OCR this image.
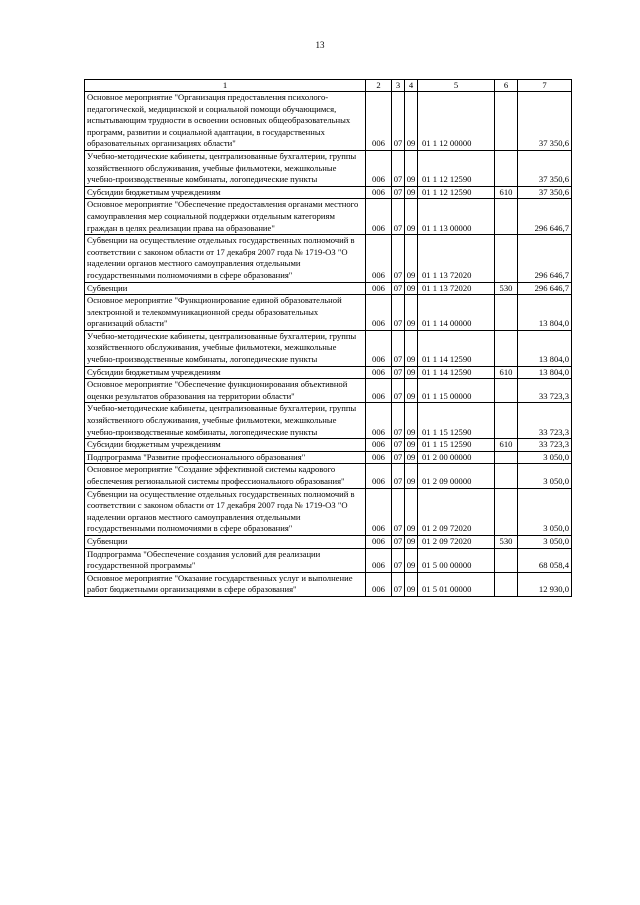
13
1	2	3	4	5	6	7
Основное мероприятие "Организация предоставления психолого-педагогической, медицинской и социальной помощи обучающимся, испытывающим трудности в освоении основных общеобразовательных программ, развитии и социальной адаптации, в государственных образовательных организациях области"	006	07	09	01 1 12 00000		37 350,6
Учебно-методические кабинеты, централизованные бухгалтерии, группы хозяйственного обслуживания, учебные фильмотеки, межшкольные учебно-производственные комбинаты, логопедические пункты	006	07	09	01 1 12 12590		37 350,6
Субсидии бюджетным учреждениям	006	07	09	01 1 12 12590	610	37 350,6
Основное мероприятие "Обеспечение предоставления органами местного самоуправления мер социальной поддержки отдельным категориям граждан в целях реализации права на образование"	006	07	09	01 1 13 00000		296 646,7
Субвенции на осуществление отдельных государственных полномочий в соответствии с законом области от 17 декабря 2007 года № 1719-ОЗ "О наделении органов местного самоуправления отдельными государственными полномочиями в сфере образования"	006	07	09	01 1 13 72020		296 646,7
Субвенции	006	07	09	01 1 13 72020	530	296 646,7
Основное мероприятие "Функционирование единой образовательной электронной и телекоммуникационной среды образовательных организаций области"	006	07	09	01 1 14 00000		13 804,0
Учебно-методические кабинеты, централизованные бухгалтерии, группы хозяйственного обслуживания, учебные фильмотеки, межшкольные учебно-производственные комбинаты, логопедические пункты	006	07	09	01 1 14 12590		13 804,0
Субсидии бюджетным учреждениям	006	07	09	01 1 14 12590	610	13 804,0
Основное мероприятие "Обеспечение функционирования объективной оценки результатов образования на территории области"	006	07	09	01 1 15 00000		33 723,3
Учебно-методические кабинеты, централизованные бухгалтерии, группы хозяйственного обслуживания, учебные фильмотеки, межшкольные учебно-производственные комбинаты, логопедические пункты	006	07	09	01 1 15 12590		33 723,3
Субсидии бюджетным учреждениям	006	07	09	01 1 15 12590	610	33 723,3
Подпрограмма "Развитие профессионального образования"	006	07	09	01 2 00 00000		3 050,0
Основное мероприятие "Создание эффективной системы кадрового обеспечения региональной системы профессионального образования"	006	07	09	01 2 09 00000		3 050,0
Субвенции на осуществление отдельных государственных полномочий в соответствии с законом области от 17 декабря 2007 года № 1719-ОЗ "О наделении органов местного самоуправления отдельными государственными полномочиями в сфере образования"	006	07	09	01 2 09 72020		3 050,0
Субвенции	006	07	09	01 2 09 72020	530	3 050,0
Подпрограмма "Обеспечение создания условий для реализации государственной программы"	006	07	09	01 5 00 00000		68 058,4
Основное мероприятие "Оказание государственных услуг и выполнение работ бюджетными организациями в сфере образования"	006	07	09	01 5 01 00000		12 930,0
